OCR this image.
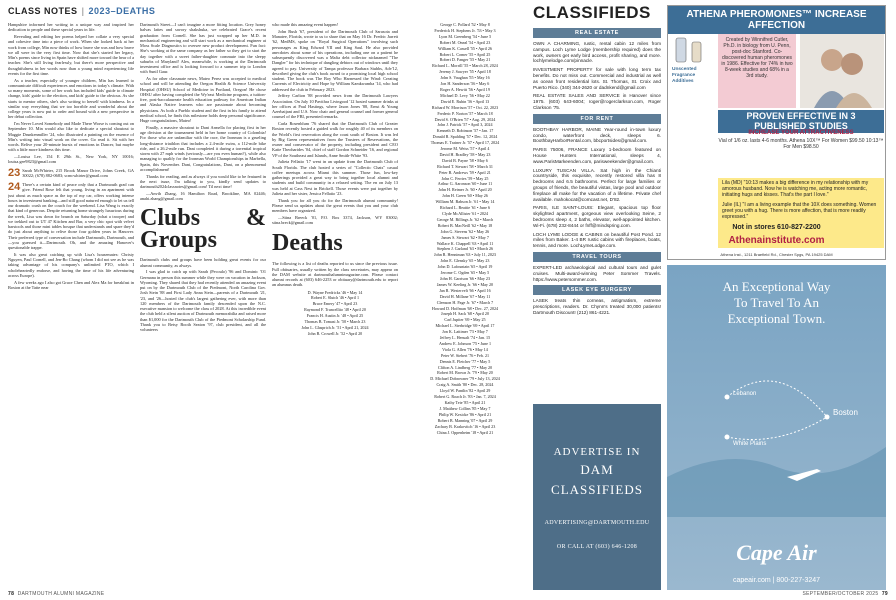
CLASS NOTES | 2023–DEATHS	CLASSIFIEDS

Hampshire informed her writing in a unique way and inspired her dedication to people and these special years in life.

Revealing and editing her poems helped her collate a very special and cohesive time into a piece of work. When she looked back at her work from college, Min now thinks of how brave she was and how brave we all were in the very first time. Now that she's started her legacy, Min's poems since living in Spain have shifted more toward the hear of a teacher. She's still living fearlessly, but there's more perspective and thoughtfulness in her words now than a young mind experiencing life events for the first time.

As a teacher, especially of younger children, Min has learned to communicate difficult experiences and emotions in today's climate. With so many moments, some of her work has included kids' guide to climate change, kids' guide to the election, and kids' guide to the obvious. As she starts to mentor others, she's also writing to herself with kindness. In a similar way everything that we too horrible and wonderful about the college years is now put to order and bound with a new perspective in her debut collection.

I'm Never Loved Somebody and Made There Worse is coming out on September 10. Min would also like to dedicate a special shoutout to Maggie Drunkenmiller '24, who illustrated a painting on the essence of Min's writing into visual work on the cover. Go read it. Sit with her words. Relive your 20-minute bursts of emotions in Dancer, but maybe with a little more kindness this time.

—Louisa Lee, 154 E 29th St., New York, NY 10016; louisa.gee9823@gmail.com

23 Sarah McWhirter, 215 Brook Manor Drive, Johns Creek, GA 30022; (678) 882-0683; scmcwhirter@gmail.com

24 There's a certain kind of peace only that a Dartmouth grad can give. Friend Rose felt that young, living in an apartment with just about as much space as the top of my car, offers working intense hours in investment banking—and still good natured enough to let us tell our dramatic crash on the couch for the weekend. Lisa Wang is exactly that kind of generous. Despite returning home strangely luxurious during the week, Lisa was down for brunch on Saturday (what a trooper) and we trekked out to UT 47 Kitchen and Bar, a very chic spot with velvet barstools and those mini tables bosque that understands and spare they'd do just about anything to relive those four golden years in Hanover. Their preferred type of conversation include Dartmouth, Dartmouth, and—you guessed it—Dartmouth. Oh, and the amazing Hanover's questionable trappe.

It was also great catching up with Lisa's housemates: Christy Nguyen, Paul Cornell, and Jen-Bo Chang (whom I did not see as he was taking advantage of his company's unlimited PTO, which I wholeheartedly endorse, and having the time of his life adventuring across Europe).

A few weeks ago I also got Grace Chen and Alex Ma for breakfast in Boston at the Tatte near

Dartmouth Street—I can't imagine a more fitting location. Grey honey balvas lattes and savory shakshuka, we celebrated Grace's recent graduation from Cornell. She has just wrapped up her M.D. in mechanical engineering and will start work as a mechanical engineer at Moss Scale Diagnostics to oversee new product development. Fun fact: She's working at the same company as her father so they get to start the day together with a sweet father-daughter commute into the sleepy suburbs of Maryland! Alex, meanwhile, is working at the Dartmouth investment office and is looking forward to a summer trip to London with Sunil Gaur.

As for other classmate news, Mateo Perez was accepted to medical school and will be attending the Oregon Health & Science University Hospital (OHSU) School of Medicine in Portland, Oregon! He chose OHSU after having completed the Wy'east Medicine program, a tuition-free, post-baccalaureate health education pathway for American Indian and Alaska Native learners who are passionate about becoming physicians. As both a Pueblo student and the first in his family to attend medical school, he finds this milestone holds deep personal significance. Huge congratulations, Mateo!

Finally, a massive shoutout to Dani Armella for placing first in her age division at the tournament held in her home country of Colombia! For those who are unfamiliar with the race, the Ironman is a grueling long-distance triathlon that includes a 2.4-mile swim, a 112-mile bike ride, and a 26.2-mile run. Dani completed it during a torrential tropical storm with 27 mph winds (seriously—are you even human?), while also managing to qualify for the Ironman World Championships in Marbella, Spain, this November. Dani, Congratulations, Dani, on a phenomenal accomplishment!

Thanks for reading, and as always if you would like to be featured in the next issue, I'm talking to you, kindly send updates to dartmouth2024classnotes@gmail.com! Til next time!

—Anvih Zhang, 16 Hamilton Road, Brookline, MA 02446; anahi.zhang@gmail.com

Clubs & Groups

Dartmouth clubs and groups have been holding great events for our alumni community, as always.

I was glad to catch up with Sarah (Pecoulo) '96 and Dominic 'O1 Germana in person this summer while they were on vacation in Jackson, Wyoming. They shared that they had recently attended an amazing event put on by the Dartmouth Club of the Piedmont, North Carolina Gov. Josh Stein '88 and First Lady Anna Stein—parents of a Dartmouth '21, '23, and '26—hosted the club's largest gathering ever, with more than 120 members of the Dartmouth family descended upon the N.C. executive mansion to welcome the class of 2028. At this incredible event the club held a silent auction of Dartmouth memorabilia and raised more than $1,000 for the Dartmouth Club of the Piedmont Scholarship Fund. Thank you to Betsy Booth Seaton '97, club president, and all the volunteers

who made this amazing event happen!

John Bush '67, president of the Dartmouth Club of Sarasota and Manatee, Florida, wrote to us to share that on May 16 Dr. Fredric Jarrett '62, MedMS, spoke on "Royal Surgical Operations" involving such personages as King Edward VII and King Saul. He also provided anecdotes about some of his operations, including one on a patient he subsequently discovered was a Mafia debt collector nicknamed "The Dangler" for his technique of dangling debtors out of windows until they agreed to pay. University of Tampa professor Barbara Stubbs, Adv'12, described giving the club's book award to a promising local high school student. The book was The Boy Who Harnessed the Wind: Creating Currents of Electricity and Hope by William Kamkwamba '14, who had addressed the club in February 2023.

Jeffrey Carlton '88 provided news from the Dartmouth Lawyers Association. On July 10 Pavithra Livingood '12 hosted summer drinks at her offices at Paul Hastings, where Jason Jones '88, Ernst & Young Azerbaijani and U.S. Now chair and general counsel and former general counsel of the FBI, presented remarks.

Carla Rosenblum '76 shared that the Dartmouth Club of Greater Boston recently hosted a guided walk for roughly 40 of its members on the World's first reservation along the coast south of Boston. It was led by Big Green representatives from the Trustees of Reservations, the owner and conservator of the property, including president and CEO Katie Theoharides '04, chief of staff Gordon Schneider '16, and regional VP of the Southeast and Islands, Anne Smith-White '93.

Julieta Fellatio '17 went in an update from the Dartmouth Club of South Florida. The club hosted a series of "Collectic Chats" casual coffee meetups across Miami this summer. Those fun, low-key gatherings provided a great way to bring together local alumni and students and build community in a relaxed setting. The en on July 13 was held at Cass Nest in Brickell. Those events were put together by Julieta and her sister, Jessica Fellatio '23.

Thank you for all you do for the Dartmouth alumni community! Please send us updates about the great events that you and your club members have organized.

—Stina Breeck '01, P.O. Box 3374, Jackson, WY 83002; stina.breck@gmail.com

Deaths

The following is a list of deaths reported to us since the previous issue. Full obituaries, usually written by the class secretaries, may appear on the DAM website at dartmouthalumnimagazine.com. Please contact alumni records at (603) 646-2253 or obituary@dartmouth.edu to report an alumnus death.

D. Wayne Fredricks '46 • May 14
Robert E. Slutch '46 • April 1
Bruce Emery '47 • April 23
Raymond F. Truncellito '48 • April 20
Francis H. Austin Jr. '48 • April 25
Thomas B. Tomasi Jr. '50 • March 23
John L. Glasprich Jr. '51 • April 21, 2024
John B. Crowell Jr. '52 • April 20
George C. Pollard '52 • May 8
Frederick H. Stephens Jr. '53 • May 3
Lyon M. Greenberg '54 • June 5
Robert M. Oneal '54 • April 23
William K. Cassell '55 • April 26
Robert L. Comer '55 • April 25
Robert D. Fanger '55 • May 21
Richard L. Morrill '55 • March 28, 2024
Jeremy J. Sawyer '55 • April 18
John S. Vaughan '55 • May 16
Jon H. Sanderson '56 • May 6
Roger A. Hewitt '56 • April 19
Michael D. Levy '56 • May 22
David E. Rubin '56 • April 13
Richard W. Morrison '57 • Oct. 22, 2023
Frederic P. Norton '57 • March 18
David S. O'Brien '57 • Aug. 29, 2024
John J. Patrick '57 • April 3, 2024
Kenneth D. Robinson '57 • Jan. 17
Donald R. Spalding '57 • Dec. 12, 2024
Thomas E. Trainer Jr. '57 • April 17, 2024
Jerome M. Weiss '57 • April 4
David H. Bradley '58 • May 23
David B. Payne '58 • May 6
Richard T. Stewart '58 • March 31
Peter B. Andrews '59 • April 21
John C. Ferries '59 • May 25
Arthur G. Aaronson '60 • June 11
John H. Reimer Jr. '60 • April 20
John H. Green '60 • May 26
William M. Babson Jr. '61 • May 14
Richard L. Beattie '61 • June 6
Clyde McAllister '61 • 2024
George M. Billings Jr. '62 • March
Robert B. MacNeill '62 • May 18
John G. Stevens '62 • May 26
James S. Stewart '62 • May 7
Wallace K. Chappell '63 • April 11
Stephen J. Garland '63 • March 26
John R. Henniman '63 • July 11, 2023
John E. Glensky '65 • May 23
John D. Lafountain '65 • April 19
Jerome C. Ogden '65 • May 5
John H. Garrison '66 • May 23
James W. Keeling Jr. '66 • May 20
Jan R. Westervelt '66 • April 16
David H. Millane '67 • May 11
Clemson H. Page Jr. '67 • March 7
Howard D. Hoffman '68 • Dec. 27, 2024
Joseph H. Sack '68 • April 20
Carl Jupiter '69 • May 25
Michael L. Sterbridge '69 • April 17
Jon K. Lattimer '73 • May 7
Jeffrey L. Hensalt '74 • Jan. 15
Andrew E. Johnson '75 • June 1
Viola G. Allen '76 • May 14
Peter W. Siebert '76 • Feb. 21
Dennis E. Fletcher '77 • May 5
Clifton A. Lindberg '77 • May 20
Robert M. Brown Jr. '79 • May 20
D. Michael Dobrowner '79 • July 13, 2024
Craig A. Smith '80 • Dec. 28, 2024
Lloyd W. Pantlin '82 • April 29
Robert G. Roach Jr. '83 • Jan. 7, 2024
Kathy Teie '85 • April 21
J. Matthew Collins '85 • May 7
Philip W. Kesicke '86 • April 21
Robert B. Manning '07 • April 29
Zachary B. Krakovitch '16 • April 23
China J. Oppenheim '18 • April 21
REAL ESTATE

OWN A CHARMING, rustic, rental cabin 12 miles from campus. Loch Lyme Lodge (membership required) does the work, owners get early bird access, profit sharing, and more. lochlymelodge.com/pinnacle.

INVESTMENT PROPERTY for sale with long term tax benefits. Do not miss out. Commercial and industrial as well as ocean front residential lots. St. Thomas, St. Croix and Puerto Rico. (340) 344-2620 or dadnkend@gmail.com

REAL ESTATE SALES AND SERVICE in Hanover since 1975. (603) 643-6004; roger@rogerclarkson.com, Roger Clarkson '75.

FOR RENT

BOOTHBAY HARBOR, MAINE Year-round in-town luxury condo, waterfront deck, sleeps 6. BoothbayHarborRental.com, bbcportsides@gmail.com.

PARIS 75006, FRANCE Luxury 1-bedroom featured on House Hunters International, sleeps 4, www.ParisMarkeenden.com, parisweekender@gmail.com.

LUXURY TUSCAN VILLA. Sat high in the Chianti countryside, this exquisite, recently restored villa has 8 bedrooms and 6.5 bathrooms. Perfect for large families or groups of friends, the beautiful vistas, large pool and outdoor fireplace all make for the vacation of a lifetime. Private chef available. mahokocat@comcast.net, D'82.

PARIS, ILE SAINT-LOUIS: Elegant, spacious top floor skylighted apartment, gorgeous view overlooking Seine, 2 bedrooms sleep 4, 2 baths, elevator, well-appointed kitchen. Wi-Fi. (678) 232-8444 or fnff@mindspring.com.

LOCH LYME LODGE & CABINS on beautiful Post Pond. 12 miles from Baker. 1-4 BR rustic cabins with fireplaces, boats, tennis, and more. LochLymeLodge.com.

TRAVEL TOURS

EXPERT-LED archaeological and cultural tours and gulet cruises. Multi-award-winning Peter Sommer Travels. https://www.petersommer.com.

LASEK EYE SURGERY

LASEK treats thin corneas, astigmatism, extreme prescriptions, readers. Dr. Chynn's treated 30,000 patients! Dartmouth Discount! (212) 861-4221.

ADVERTISE IN
DAM
CLASSIFIEDS
ADVERTISING@DARTMOUTH.EDU
OR CALL AT (603) 646-1208
ATHENA PHEROMONES™ INCREASE AFFECTION
Unscented Fragrance Additives
Created by Winnifred Cutler, Ph.D. in biology from U. Penn, post-doc Stanford. Co-discovered human pheromones in 1986. Effective for 74% in two 8-week studies and 68% in a 3rd study.
PROVEN EFFECTIVE IN 3 PUBLISHED STUDIES
INCREASE YOUR ATTRACTIVENESS
Vial of 1/6 oz. lasts 4-6 months. Athena 10X™ For Women $99.50 10:13™ For Men $98.50
Lila (MD) "10:13 makes a big difference in my relationship with my amorous husband. Now he is watching me, acting more romantic, initiating hugs and kisses. That's the part I love."
Julie (IL) "I am a living example that the 10X does something. Women greet you with a hug. There is more affection, that is more readily expressed."
Not in stores 610-827-2200
Athenainstitute.com
Athena Inst., 1211 Braefield Rd., Chester Spgs, PA 19425 DAM
An Exceptional Way
To Travel To An
Exceptional Town.
Lebanon
White Plains
Boston
Cape Air
capeair.com | 800-227-3247
78 DARTMOUTH ALUMNI MAGAZINE	SEPTEMBER/OCTOBER 2025 79
